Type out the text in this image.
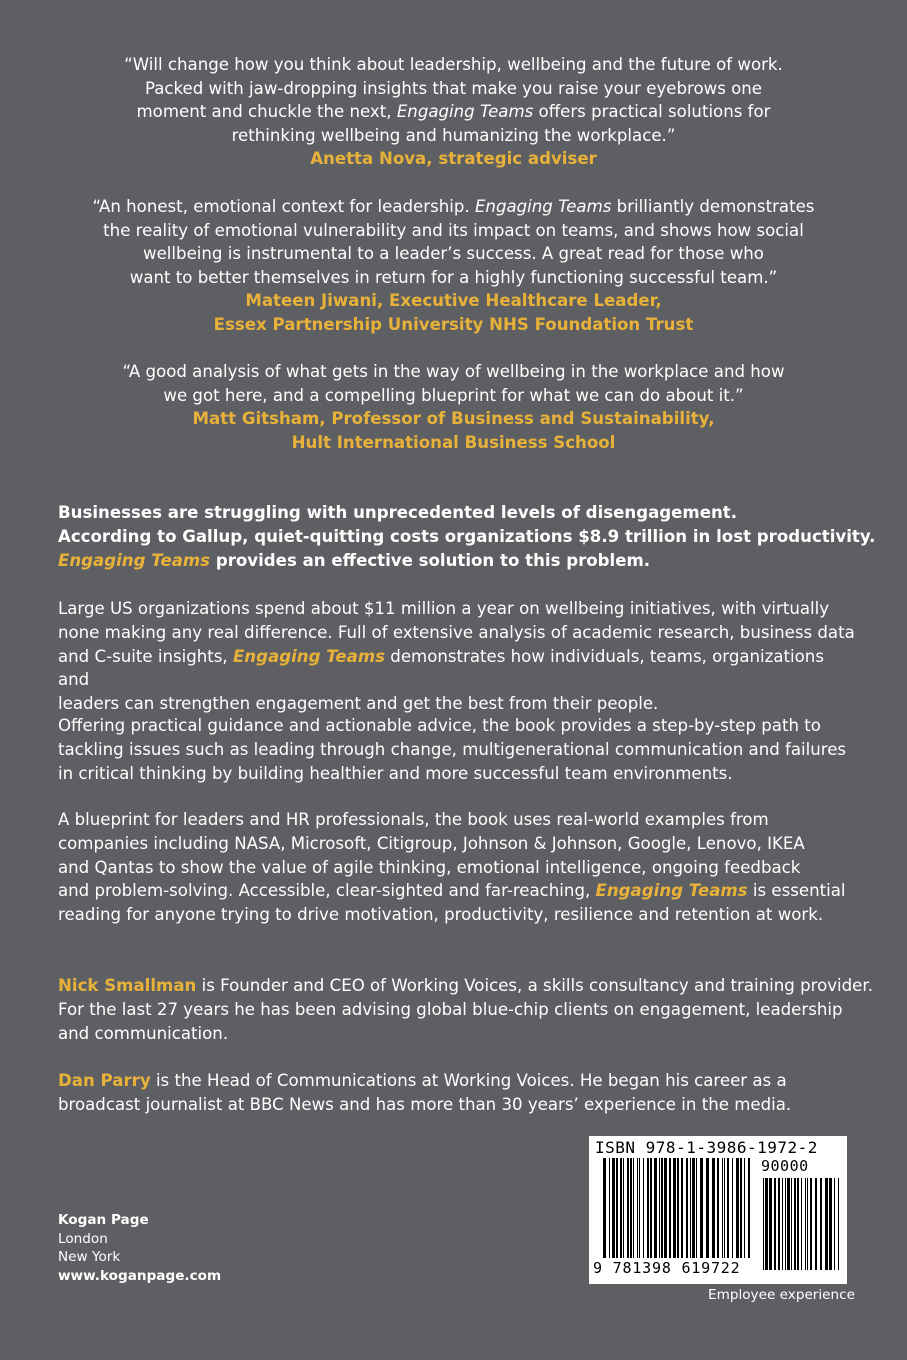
“Will change how you think about leadership, wellbeing and the future of work.
Packed with jaw-dropping insights that make you raise your eyebrows one
moment and chuckle the next, Engaging Teams offers practical solutions for
rethinking wellbeing and humanizing the workplace.”
Anetta Nova, strategic adviser
“An honest, emotional context for leadership. Engaging Teams brilliantly demonstrates
the reality of emotional vulnerability and its impact on teams, and shows how social
wellbeing is instrumental to a leader’s success. A great read for those who
want to better themselves in return for a highly functioning successful team.”
Mateen Jiwani, Executive Healthcare Leader,
Essex Partnership University NHS Foundation Trust
“A good analysis of what gets in the way of wellbeing in the workplace and how
we got here, and a compelling blueprint for what we can do about it.”
Matt Gitsham, Professor of Business and Sustainability,
Hult International Business School
Businesses are struggling with unprecedented levels of disengagement.
According to Gallup, quiet-quitting costs organizations $8.9 trillion in lost productivity.
Engaging Teams provides an effective solution to this problem.
Large US organizations spend about $11 million a year on wellbeing initiatives, with virtually
none making any real difference. Full of extensive analysis of academic research, business data
and C-suite insights, Engaging Teams demonstrates how individuals, teams, organizations and
leaders can strengthen engagement and get the best from their people.
Offering practical guidance and actionable advice, the book provides a step-by-step path to
tackling issues such as leading through change, multigenerational communication and failures
in critical thinking by building healthier and more successful team environments.
A blueprint for leaders and HR professionals, the book uses real-world examples from
companies including NASA, Microsoft, Citigroup, Johnson & Johnson, Google, Lenovo, IKEA
and Qantas to show the value of agile thinking, emotional intelligence, ongoing feedback
and problem-solving. Accessible, clear-sighted and far-reaching, Engaging Teams is essential
reading for anyone trying to drive motivation, productivity, resilience and retention at work.
Nick Smallman is Founder and CEO of Working Voices, a skills consultancy and training provider.
For the last 27 years he has been advising global blue-chip clients on engagement, leadership
and communication.
Dan Parry is the Head of Communications at Working Voices. He began his career as a
broadcast journalist at BBC News and has more than 30 years’ experience in the media.
Kogan Page
London
New York
www.koganpage.com
ISBN 978-1-3986-1972-2
90000
9 781398 619722
Employee experience
